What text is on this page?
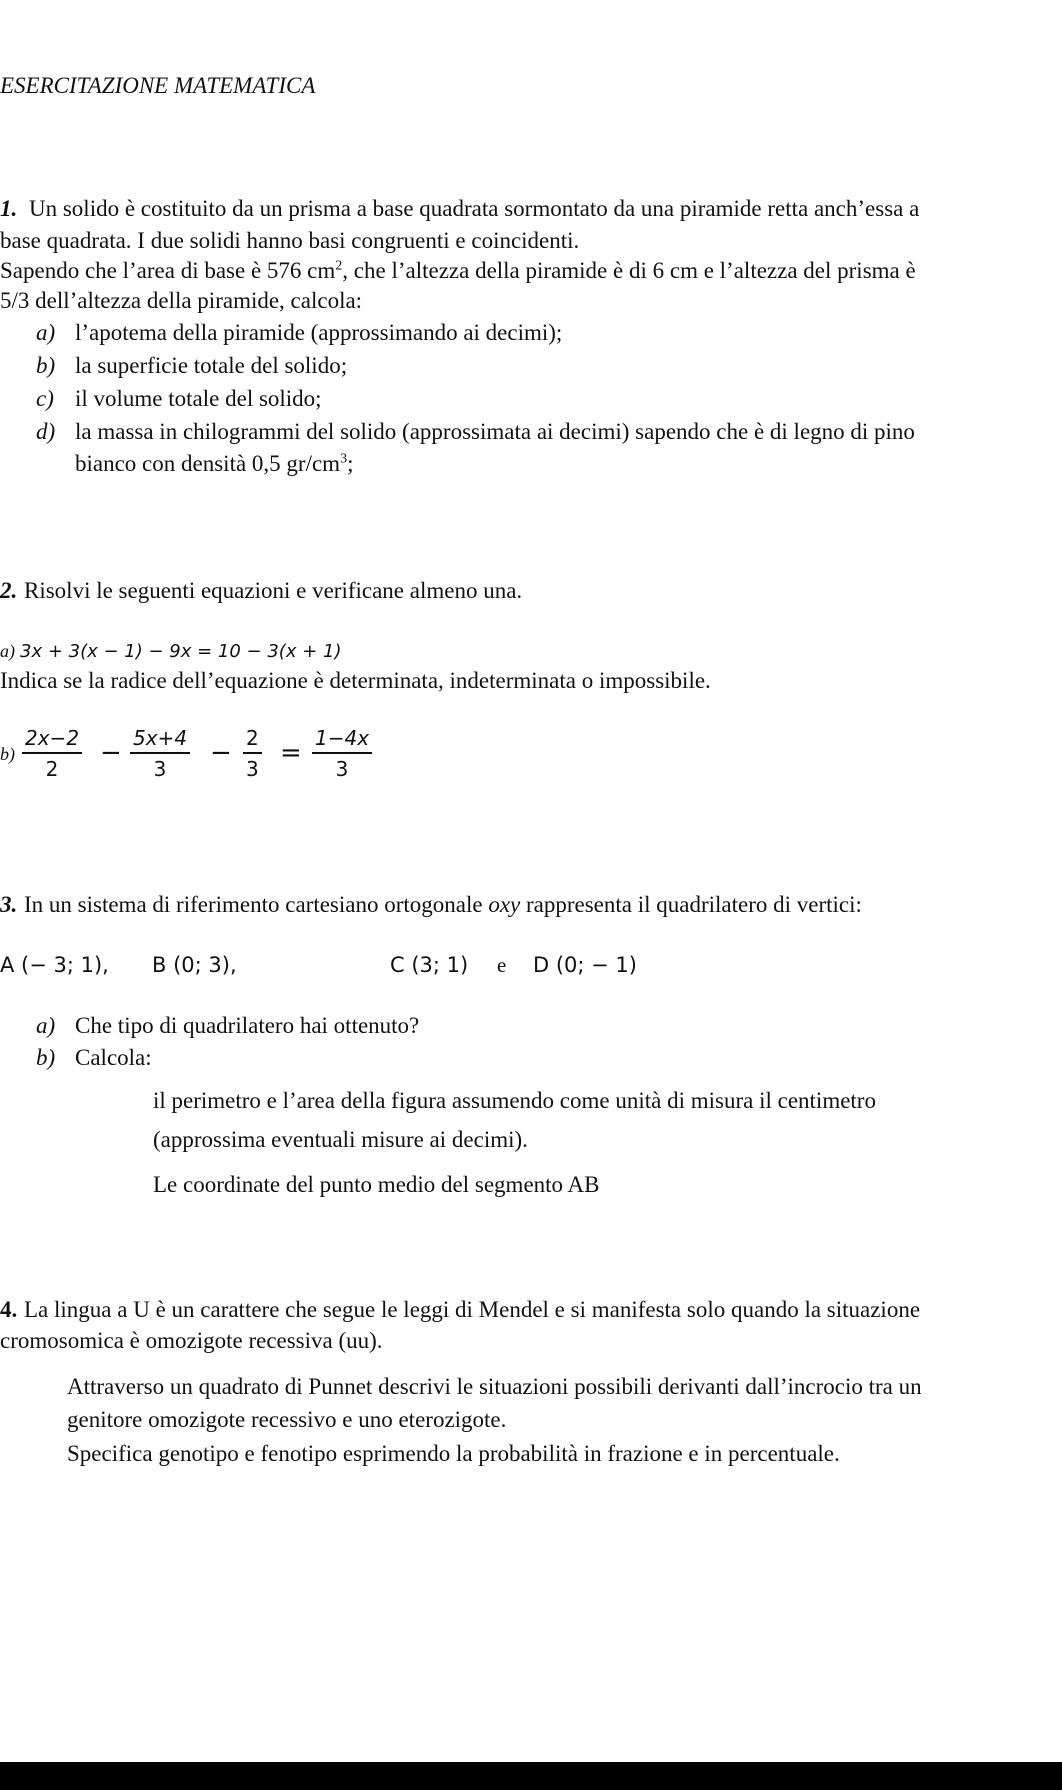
ESERCITAZIONE MATEMATICA
1. Un solido è costituito da un prisma a base quadrata sormontato da una piramide retta anch’essa a
base quadrata. I due solidi hanno basi congruenti e coincidenti.
Sapendo che l’area di base è 576 $cm^2$, che l’altezza della piramide è di 6 cm e l’altezza del prisma è
5/3 dell’altezza della piramide, calcola:
a) l’apotema della piramide (approssimando ai decimi);
b) la superficie totale del solido;
c) il volume totale del solido;
d) la massa in chilogrammi del solido (approssimata ai decimi) sapendo che è di legno di pino
bianco con densità 0,5 $gr/cm^3$;
2. Risolvi le seguenti equazioni e verificane almeno una.
a) 3x + 3(x − 1) − 9x = 10 − 3(x + 1)
Indica se la radice dell’equazione è determinata, indeterminata o impossibile.
$b) \frac{2x-2}{2} - \frac{5x+4}{3} - \frac{2}{3} = \frac{1-4x}{3}$
3. In un sistema di riferimento cartesiano ortogonale oxy rappresenta il quadrilatero di vertici:
A (− 3; 1), B (0; 3),	C (3; 1) e D (0; − 1)
a) Che tipo di quadrilatero hai ottenuto?
b) Calcola:
il perimetro e l’area della figura assumendo come unità di misura il centimetro
(approssima eventuali misure ai decimi).
Le coordinate del punto medio del segmento AB
4. La lingua a U è un carattere che segue le leggi di Mendel e si manifesta solo quando la situazione
cromosomica è omozigote recessiva (uu).
Attraverso un quadrato di Punnet descrivi le situazioni possibili derivanti dall’incrocio tra un
genitore omozigote recessivo e uno eterozigote.
Specifica genotipo e fenotipo esprimendo la probabilità in frazione e in percentuale.
